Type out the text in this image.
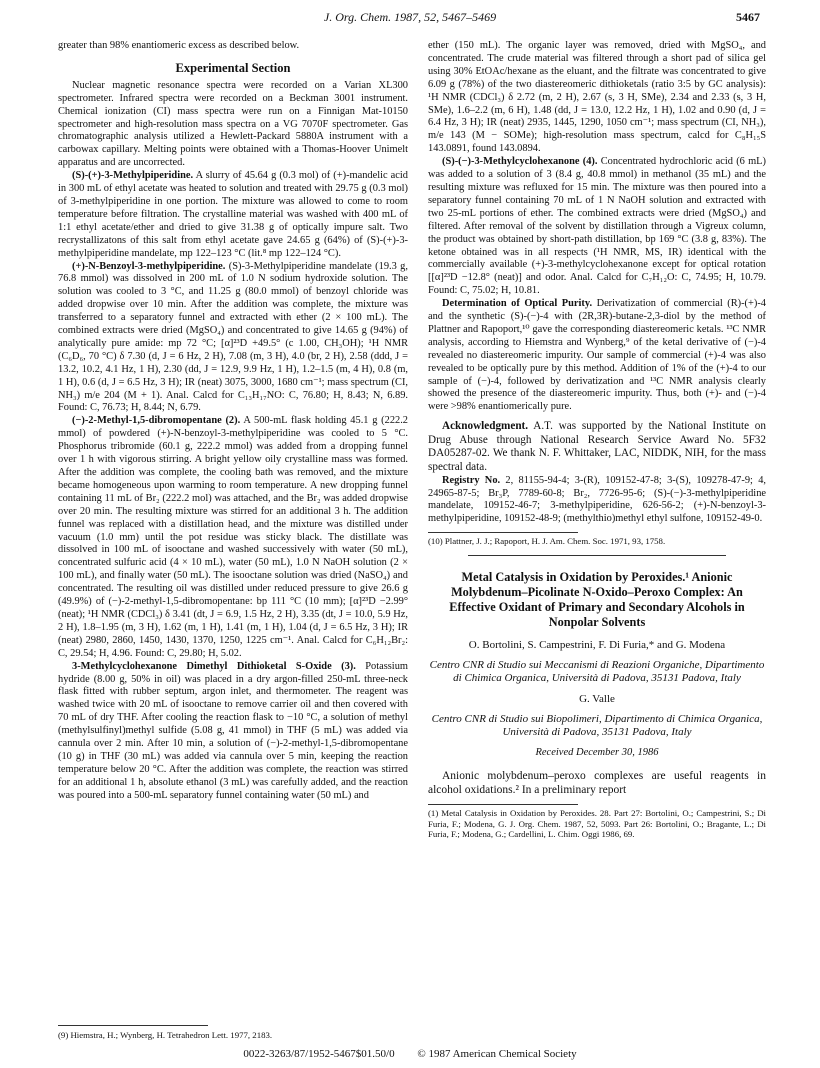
J. Org. Chem. 1987, 52, 5467–5469	5467

greater than 98% enantiomeric excess as described below.

Experimental Section

Nuclear magnetic resonance spectra were recorded on a Varian XL300 spectrometer. Infrared spectra were recorded on a Beckman 3001 instrument. Chemical ionization (CI) mass spectra were run on a Finnigan Mat-10150 spectrometer and high-resolution mass spectra on a VG 7070F spectrometer. Gas chromatographic analysis utilized a Hewlett-Packard 5880A instrument with a carbowax capillary. Melting points were obtained with a Thomas-Hoover Unimelt apparatus and are uncorrected.

(S)-(+)-3-Methylpiperidine. A slurry of 45.64 g (0.3 mol) of (+)-mandelic acid in 300 mL of ethyl acetate was heated to solution and treated with 29.75 g (0.3 mol) of 3-methylpiperidine in one portion. The mixture was allowed to come to room temperature before filtration. The crystalline material was washed with 400 mL of 1:1 ethyl acetate/ether and dried to give 31.38 g of optically impure salt. Two recrystallizatons of this salt from ethyl acetate gave 24.65 g (64%) of (S)-(+)-3-methylpiperidine mandelate, mp 122–123 °C (lit.⁸ mp 122–124 °C).

(+)-N-Benzoyl-3-methylpiperidine. (S)-3-Methylpiperidine mandelate (19.3 g, 76.8 mmol) was dissolved in 200 mL of 1.0 N sodium hydroxide solution. The solution was cooled to 3 °C, and 11.25 g (80.0 mmol) of benzoyl chloride was added dropwise over 10 min. After the addition was complete, the mixture was transferred to a separatory funnel and extracted with ether (2 × 100 mL). The combined extracts were dried (MgSO₄) and concentrated to give 14.65 g (94%) of analytically pure amide: mp 72 °C; [α]²³D +49.5° (c 1.00, CH₃OH); ¹H NMR (C₆D₆, 70 °C) δ 7.30 (d, J = 6 Hz, 2 H), 7.08 (m, 3 H), 4.0 (br, 2 H), 2.58 (ddd, J = 13.2, 10.2, 4.1 Hz, 1 H), 2.30 (dd, J = 12.9, 9.9 Hz, 1 H), 1.2–1.5 (m, 4 H), 0.8 (m, 1 H), 0.6 (d, J = 6.5 Hz, 3 H); IR (neat) 3075, 3000, 1680 cm⁻¹; mass spectrum (CI, NH₃) m/e 204 (M + 1). Anal. Calcd for C₁₃H₁₇NO: C, 76.80; H, 8.43; N, 6.89. Found: C, 76.73; H, 8.44; N, 6.79.

(−)-2-Methyl-1,5-dibromopentane (2). A 500-mL flask holding 45.1 g (222.2 mmol) of powdered (+)-N-benzoyl-3-methylpiperidine was cooled to 5 °C. Phosphorus tribromide (60.1 g, 222.2 mmol) was added from a dropping funnel over 1 h with vigorous stirring. A bright yellow oily crystalline mass was formed. After the addition was complete, the cooling bath was removed, and the mixture became homogeneous upon warming to room temperature. A new dropping funnel containing 11 mL of Br₂ (222.2 mol) was attached, and the Br₂ was added dropwise over 20 min. The resulting mixture was stirred for an additional 3 h. The addition funnel was replaced with a distillation head, and the mixture was distilled under vacuum (1.0 mm) until the pot residue was sticky black. The distillate was dissolved in 100 mL of isooctane and washed successively with water (50 mL), concentrated sulfuric acid (4 × 10 mL), water (50 mL), 1.0 N NaOH solution (2 × 100 mL), and finally water (50 mL). The isooctane solution was dried (NaSO₄) and concentrated. The resulting oil was distilled under reduced pressure to give 26.6 g (49.9%) of (−)-2-methyl-1,5-dibromopentane: bp 111 °C (10 mm); [α]²³D −2.99° (neat); ¹H NMR (CDCl₃) δ 3.41 (dt, J = 6.9, 1.5 Hz, 2 H), 3.35 (dt, J = 10.0, 5.9 Hz, 2 H), 1.8–1.95 (m, 3 H), 1.62 (m, 1 H), 1.41 (m, 1 H), 1.04 (d, J = 6.5 Hz, 3 H); IR (neat) 2980, 2860, 1450, 1430, 1370, 1250, 1225 cm⁻¹. Anal. Calcd for C₆H₁₂Br₂: C, 29.54; H, 4.96. Found: C, 29.80; H, 5.02.

3-Methylcyclohexanone Dimethyl Dithioketal S-Oxide (3). Potassium hydride (8.00 g, 50% in oil) was placed in a dry argon-filled 250-mL three-neck flask fitted with rubber septum, argon inlet, and thermometer. The reagent was washed twice with 20 mL of isooctane to remove carrier oil and then covered with 70 mL of dry THF. After cooling the reaction flask to −10 °C, a solution of methyl (methylsulfinyl)methyl sulfide (5.08 g, 41 mmol) in THF (5 mL) was added via cannula over 2 min. After 10 min, a solution of (−)-2-methyl-1,5-dibromopentane (10 g) in THF (30 mL) was added via cannula over 5 min, keeping the reaction temperature below 20 °C. After the addition was complete, the reaction was stirred for an additional 1 h, absolute ethanol (3 mL) was carefully added, and the reaction was poured into a 500-mL separatory funnel containing water (50 mL) and

(9) Hiemstra, H.; Wynberg, H. Tetrahedron Lett. 1977, 2183.

ether (150 mL). The organic layer was removed, dried with MgSO₄, and concentrated. The crude material was filtered through a short pad of silica gel using 30% EtOAc/hexane as the eluant, and the filtrate was concentrated to give 6.09 g (78%) of the two diastereomeric dithioketals (ratio 3:5 by GC analysis): ¹H NMR (CDCl₃) δ 2.72 (m, 2 H), 2.67 (s, 3 H, SMe), 2.34 and 2.33 (s, 3 H, SMe), 1.6–2.2 (m, 6 H), 1.48 (dd, J = 13.0, 12.2 Hz, 1 H), 1.02 and 0.90 (d, J = 6.4 Hz, 3 H); IR (neat) 2935, 1445, 1290, 1050 cm⁻¹; mass spectrum (CI, NH₃), m/e 143 (M − SOMe); high-resolution mass spectrum, calcd for C₈H₁₅S 143.0891, found 143.0894.

(S)-(−)-3-Methylcyclohexanone (4). Concentrated hydrochloric acid (6 mL) was added to a solution of 3 (8.4 g, 40.8 mmol) in methanol (35 mL) and the resulting mixture was refluxed for 15 min. The mixture was then poured into a separatory funnel containing 70 mL of 1 N NaOH solution and extracted with two 25-mL portions of ether. The combined extracts were dried (MgSO₄) and filtered. After removal of the solvent by distillation through a Vigreux column, the product was obtained by short-path distillation, bp 169 °C (3.8 g, 83%). The ketone obtained was in all respects (¹H NMR, MS, IR) identical with the commercially available (+)-3-methylcyclohexanone except for optical rotation [[α]²³D −12.8° (neat)] and odor. Anal. Calcd for C₇H₁₂O: C, 74.95; H, 10.79. Found: C, 75.02; H, 10.81.

Determination of Optical Purity. Derivatization of commercial (R)-(+)-4 and the synthetic (S)-(−)-4 with (2R,3R)-butane-2,3-diol by the method of Plattner and Rapoport,¹⁰ gave the corresponding diastereomeric ketals. ¹³C NMR analysis, according to Hiemstra and Wynberg,⁹ of the ketal derivative of (−)-4 revealed no diastereomeric impurity. Our sample of commercial (+)-4 was also revealed to be optically pure by this method. Addition of 1% of the (+)-4 to our sample of (−)-4, followed by derivatization and ¹³C NMR analysis clearly showed the presence of the diastereomeric impurity. Thus, both (+)- and (−)-4 were >98% enantiomerically pure.

Acknowledgment. A.T. was supported by the National Institute on Drug Abuse through National Research Service Award No. 5F32 DA05287-02. We thank N. F. Whittaker, LAC, NIDDK, NIH, for the mass spectral data.

Registry No. 2, 81155-94-4; 3-(R), 109152-47-8; 3-(S), 109278-47-9; 4, 24965-87-5; Br₃P, 7789-60-8; Br₂, 7726-95-6; (S)-(−)-3-methylpiperidine mandelate, 109152-46-7; 3-methylpiperidine, 626-56-2; (+)-N-benzoyl-3-methylpiperidine, 109152-48-9; (methylthio)methyl ethyl sulfone, 109152-49-0.

(10) Plattner, J. J.; Rapoport, H. J. Am. Chem. Soc. 1971, 93, 1758.
Metal Catalysis in Oxidation by Peroxides.¹ Anionic Molybdenum–Picolinate N-Oxido–Peroxo Complex: An Effective Oxidant of Primary and Secondary Alcohols in Nonpolar Solvents
O. Bortolini, S. Campestrini, F. Di Furia,* and G. Modena
Centro CNR di Studio sui Meccanismi di Reazioni Organiche, Dipartimento di Chimica Organica, Università di Padova, 35131 Padova, Italy
G. Valle
Centro CNR di Studio sui Biopolimeri, Dipartimento di Chimica Organica, Università di Padova, 35131 Padova, Italy
Received December 30, 1986

Anionic molybdenum–peroxo complexes are useful reagents in alcohol oxidations.² In a preliminary report

(1) Metal Catalysis in Oxidation by Peroxides. 28. Part 27: Bortolini, O.; Campestrini, S.; Di Furia, F.; Modena, G. J. Org. Chem. 1987, 52, 5093. Part 26: Bortolini, O.; Bragante, L.; Di Furia, F.; Modena, G.; Cardellini, L. Chim. Oggi 1986, 69.
0022-3263/87/1952-5467$01.50/0 © 1987 American Chemical Society
